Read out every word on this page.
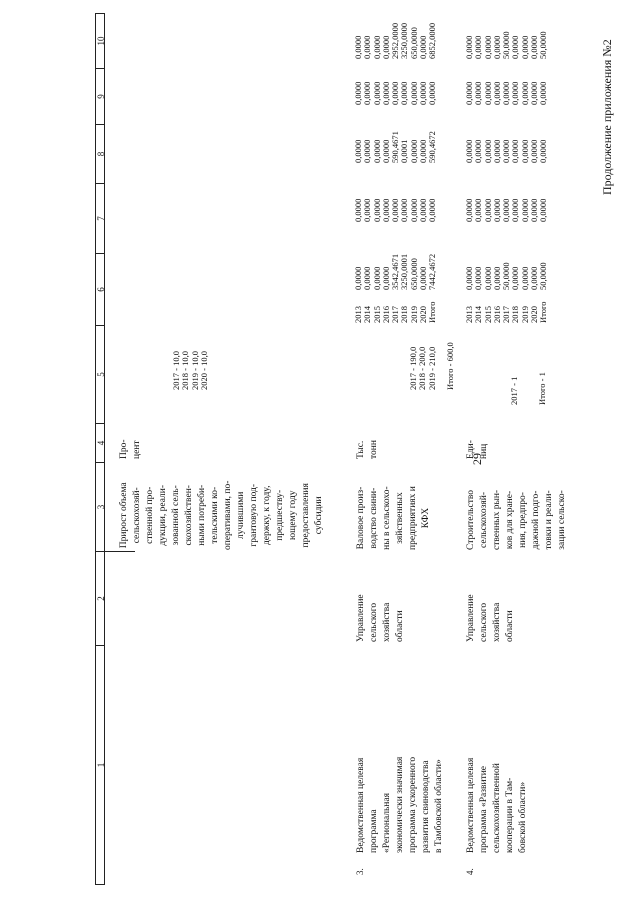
29
Продолжение приложения №2
1
2
3
4
5
6
7
8
9
10
Прирост объема
сельскохозяй-
ственной про-
дукции, реали-
зованной сель-
скохозяйствен-
ными потреби-
тельскими ко-
оперативами, по-
лучившими
грантовую под-
держку, к году,
предшеству-
ющему году
предоставления
субсидии
Про-
цент
2017 - 10,0
2018 - 10,0
2019 - 10,0
2020 - 10,0
3.
Ведомственная целевая
программа
«Региональная
экономически значимая
программа ускоренного
развития свиноводства
в Тамбовской области»
Управление
сельского
хозяйства
области
Валовое произ-
водство свини-
ны в сельскохо-
зяйственных
предприятиях и
КФХ
Тыс.
тонн
2017 - 190,0
2018 - 200,0
2019 - 210,0

Итого - 600,0
2013
2014
2015
2016
2017
2018
2019
2020
Итого
0,0000
0,0000
0,0000
0,0000
3542,4671
3250,0001
650,0000
0,0000
7442,4672
0,0000
0,0000
0,0000
0,0000
0,0000
0,0000
0,0000
0,0000
0,0000
0,0000
0,0000
0,0000
0,0000
590,4671
0,0001
0,0000
0,0000
590,4672
0,0000
0,0000
0,0000
0,0000
0,0000
0,0000
0,0000
0,0000
0,0000
0,0000
0,0000
0,0000
0,0000
2952,0000
3250,0000
650,0000
0,0000
6852,0000
4.
Ведомственная целевая
программа «Развитие
сельскохозяйственной
кооперации в Там-
бовской области»
Управление
сельского
хозяйства
области
Строительство
сельскохозяй-
ственных рын-
ков для хране-
ния, предпро-
дажной подго-
товки и реали-
зации сельско-
Еди-
ниц
2017 - 1

Итого - 1
2013
2014
2015
2016
2017
2018
2019
2020
Итого
0,0000
0,0000
0,0000
0,0000
50,0000
0,0000
0,0000
0,0000
50,0000
0,0000
0,0000
0,0000
0,0000
0,0000
0,0000
0,0000
0,0000
0,0000
0,0000
0,0000
0,0000
0,0000
0,0000
0,0000
0,0000
0,0000
0,0000
0,0000
0,0000
0,0000
0,0000
0,0000
0,0000
0,0000
0,0000
0,0000
0,0000
0,0000
0,0000
0,0000
50,0000
0,0000
0,0000
0,0000
50,0000
